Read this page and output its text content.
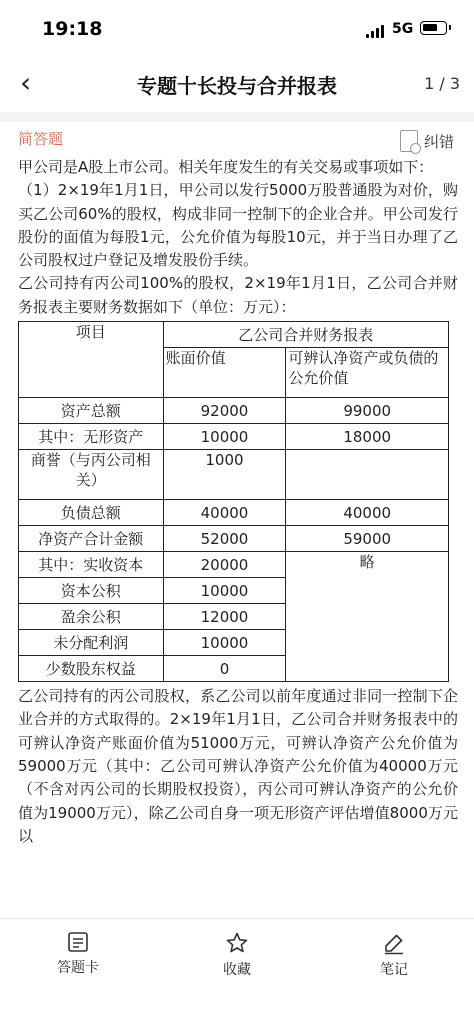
19:18	5G
‹	专题十长投与合并报表	1 / 3
简答题	纠错

甲公司是A股上市公司。相关年度发生的有关交易或事项如下：

（1）2×19年1月1日，甲公司以发行5000万股普通股为对价，购买乙公司60%的股权，构成非同一控制下的企业合并。甲公司发行股份的面值为每股1元，公允价值为每股10元，并于当日办理了乙公司股权过户登记及增发股份手续。

乙公司持有丙公司100%的股权，2×19年1月1日，乙公司合并财务报表主要财务数据如下（单位：万元）：

项目	乙公司合并财务报表	
	账面价值	可辨认净资产或负债的公允价值
资产总额	92000	99000
其中：无形资产	10000	18000
商誉（与丙公司相关）	1000	
负债总额	40000	40000
净资产合计金额	52000	59000
其中：实收资本	20000	略
资本公积	10000	
盈余公积	12000	
未分配利润	10000	
少数股东权益	0	

乙公司持有的丙公司股权，系乙公司以前年度通过非同一控制下企业合并的方式取得的。2×19年1月1日，乙公司合并财务报表中的可辨认净资产账面价值为51000万元，可辨认净资产公允价值为59000万元（其中：乙公司可辨认净资产公允价值为40000万元（不含对丙公司的长期股权投资），丙公司可辨认净资产的公允价值为19000万元），除乙公司自身一项无形资产评估增值8000万元以

答题卡	收藏	笔记
